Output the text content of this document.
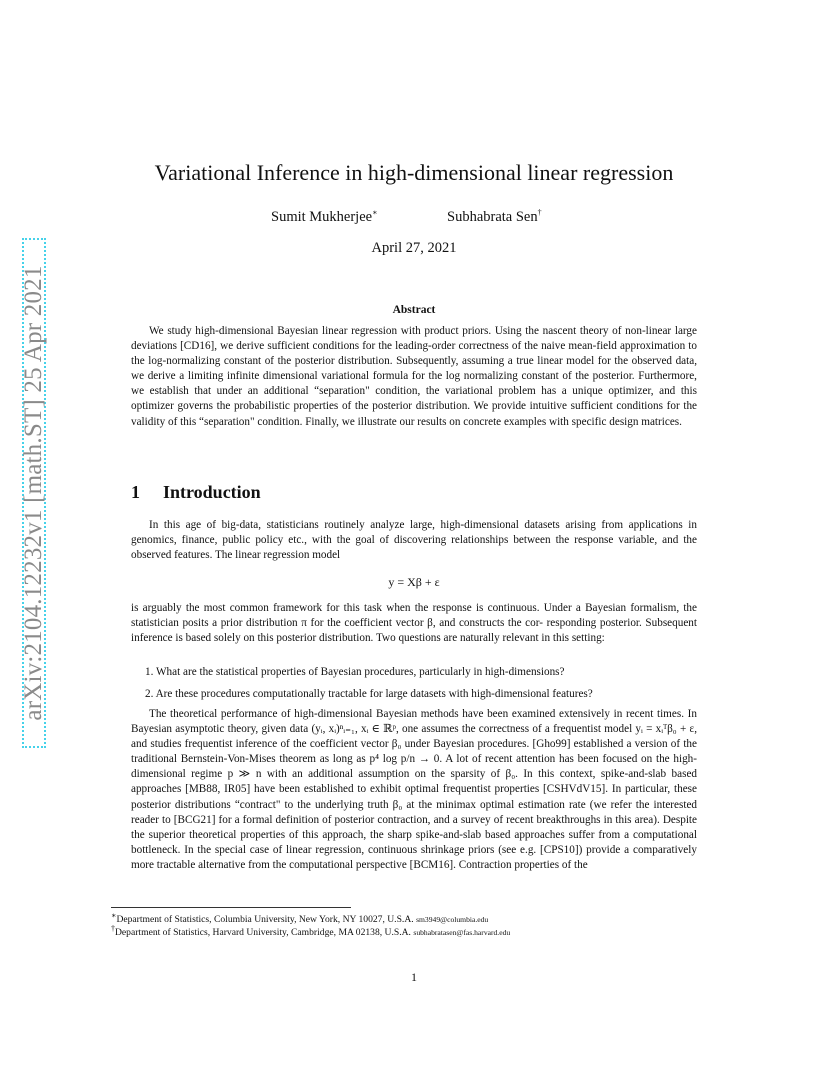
arXiv:2104.12232v1 [math.ST] 25 Apr 2021
Variational Inference in high-dimensional linear regression
Sumit Mukherjee∗	Subhabrata Sen†
April 27, 2021
Abstract
We study high-dimensional Bayesian linear regression with product priors. Using the nascent theory of non-linear large deviations [CD16], we derive sufficient conditions for the leading-order correctness of the naive mean-field approximation to the log-normalizing constant of the posterior distribution. Subsequently, assuming a true linear model for the observed data, we derive a limiting infinite dimensional variational formula for the log normalizing constant of the posterior. Furthermore, we establish that under an additional “separation" condition, the variational problem has a unique optimizer, and this optimizer governs the probabilistic properties of the posterior distribution. We provide intuitive sufficient conditions for the validity of this “separation" condition. Finally, we illustrate our results on concrete examples with specific design matrices.
1 Introduction
In this age of big-data, statisticians routinely analyze large, high-dimensional datasets arising from applications in genomics, finance, public policy etc., with the goal of discovering relationships between the response variable, and the observed features. The linear regression model
y = Xβ + ε
is arguably the most common framework for this task when the response is continuous. Under a Bayesian formalism, the statistician posits a prior distribution π for the coefficient vector β, and constructs the cor- responding posterior. Subsequent inference is based solely on this posterior distribution. Two questions are naturally relevant in this setting:
1. What are the statistical properties of Bayesian procedures, particularly in high-dimensions?
2. Are these procedures computationally tractable for large datasets with high-dimensional features?
The theoretical performance of high-dimensional Bayesian methods have been examined extensively in recent times. In Bayesian asymptotic theory, given data (yᵢ, xᵢ)ⁿᵢ₌₁, xᵢ ∈ ℝᵖ, one assumes the correctness of a frequentist model yᵢ = xᵢᵀβ₀ + ε, and studies frequentist inference of the coefficient vector β₀ under Bayesian procedures. [Gho99] established a version of the traditional Bernstein-Von-Mises theorem as long as p⁴ log p/n → 0. A lot of recent attention has been focused on the high-dimensional regime p ≫ n with an additional assumption on the sparsity of β₀. In this context, spike-and-slab based approaches [MB88, IR05] have been established to exhibit optimal frequentist properties [CSHVdV15]. In particular, these posterior distributions “contract" to the underlying truth β₀ at the minimax optimal estimation rate (we refer the interested reader to [BCG21] for a formal definition of posterior contraction, and a survey of recent breakthroughs in this area). Despite the superior theoretical properties of this approach, the sharp spike-and-slab based approaches suffer from a computational bottleneck. In the special case of linear regression, continuous shrinkage priors (see e.g. [CPS10]) provide a comparatively more tractable alternative from the computational perspective [BCM16]. Contraction properties of the
∗Department of Statistics, Columbia University, New York, NY 10027, U.S.A. sm3949@columbia.edu
†Department of Statistics, Harvard University, Cambridge, MA 02138, U.S.A. subhabratasen@fas.harvard.edu
1
